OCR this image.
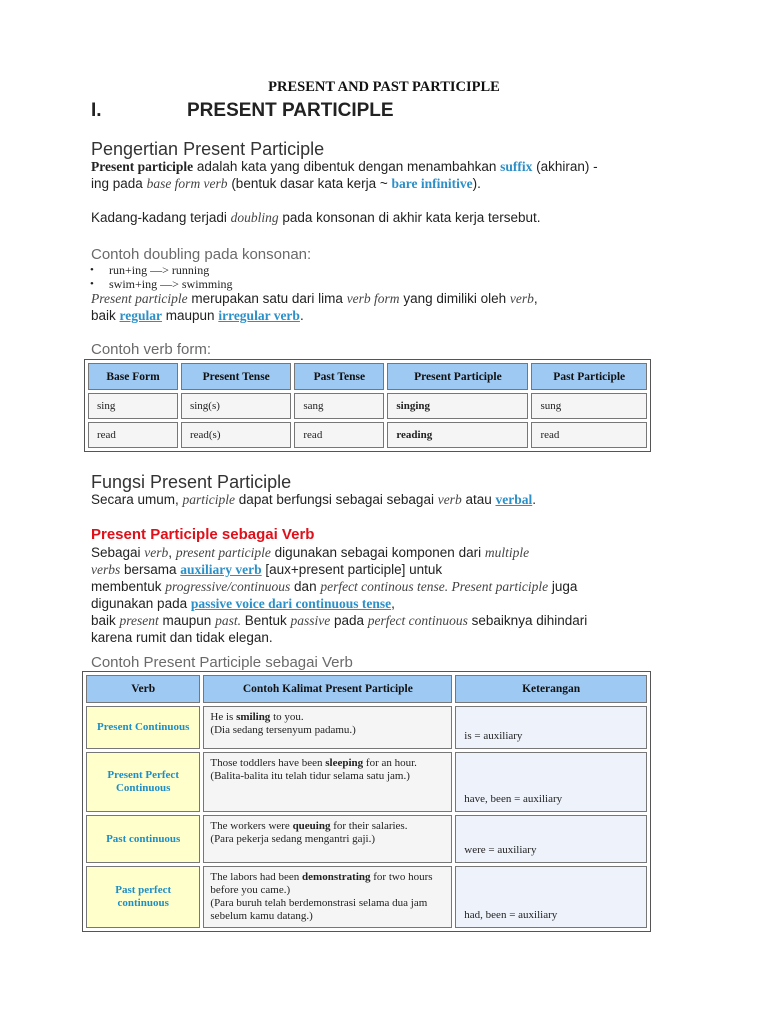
PRESENT AND PAST PARTICIPLE
I.	PRESENT PARTICIPLE
Pengertian Present Participle
Present participle adalah kata yang dibentuk dengan menambahkan suffix (akhiran) -
ing pada base form verb (bentuk dasar kata kerja ~ bare infinitive).
Kadang-kadang terjadi doubling pada konsonan di akhir kata kerja tersebut.
Contoh doubling pada konsonan:
• run+ing —> running
• swim+ing —> swimming
Present participle merupakan satu dari lima verb form yang dimiliki oleh verb,
baik regular maupun irregular verb.
Contoh verb form:
Base Form	Present Tense	Past Tense	Present Participle	Past Participle
sing	sing(s)	sang	singing	sung
read	read(s)	read	reading	read
Fungsi Present Participle
Secara umum, participle dapat berfungsi sebagai sebagai verb atau verbal.
Present Participle sebagai Verb
Sebagai verb, present participle digunakan sebagai komponen dari multiple
verbs bersama auxiliary verb [aux+present participle] untuk
membentuk progressive/continuous dan perfect continous tense. Present participle juga
digunakan pada passive voice dari continuous tense,
baik present maupun past. Bentuk passive pada perfect continuous sebaiknya dihindari
karena rumit dan tidak elegan.
Contoh Present Participle sebagai Verb
Verb	Contoh Kalimat Present Participle	Keterangan
Present Continuous	He is smiling to you.
(Dia sedang tersenyum padamu.)	is = auxiliary
Present Perfect Continuous	Those toddlers have been sleeping for an hour.
(Balita-balita itu telah tidur selama satu jam.)	have, been = auxiliary
Past continuous	The workers were queuing for their salaries.
(Para pekerja sedang mengantri gaji.)	were = auxiliary
Past perfect continuous	The labors had been demonstrating for two hours before you came.)
(Para buruh telah berdemonstrasi selama dua jam sebelum kamu datang.)	had, been = auxiliary
